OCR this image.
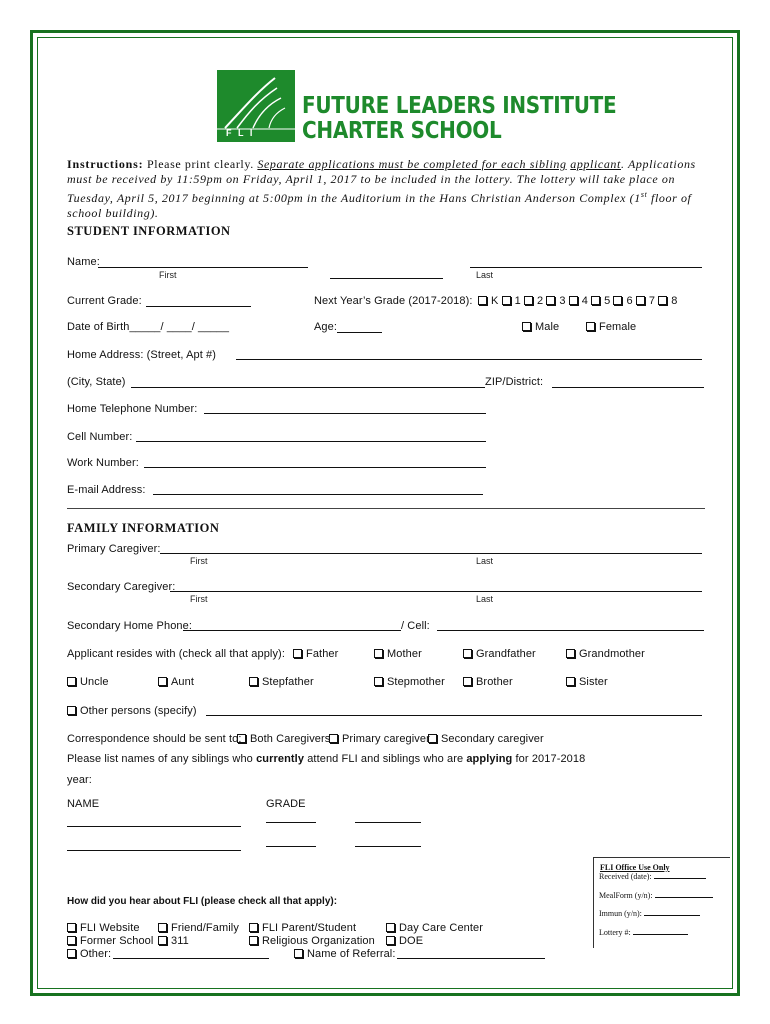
F L I
FUTURE LEADERS INSTITUTE
CHARTER SCHOOL
Instructions: Please print clearly. Separate applications must be completed for each sibling applicant. Applications must be received by 11:59pm on Friday, April 1, 2017 to be included in the lottery. The lottery will take place on Tuesday, April 5, 2017 beginning at 5:00pm in the Auditorium in the Hans Christian Anderson Complex (1st floor of school building).
STUDENT INFORMATION
Name:
First	Last
Current Grade:	Next Year’s Grade (2017-2018):	K 1 2 3 4 5 6 7 8
Date of Birth_____/ ____/ _____	Age:	Male	Female
Home Address: (Street, Apt #)
(City, State)	ZIP/District:
Home Telephone Number:
Cell Number:
Work Number:
E-mail Address:
FAMILY INFORMATION
Primary Caregiver:
First	Last
Secondary Caregiver:
First	Last
Secondary Home Phone:	/ Cell:
Applicant resides with (check all that apply):	Father	Mother	Grandfather	Grandmother
Uncle	Aunt	Stepfather	Stepmother	Brother	Sister
Other persons (specify)
Correspondence should be sent to: Both Caregivers	Primary caregiver	Secondary caregiver
Please list names of any siblings who currently attend FLI and siblings who are applying for 2017-2018
year:
NAME	GRADE
FLI Office Use Only
Received (date):
MealForm (y/n):
Immun (y/n):
Lottery #:
How did you hear about FLI (please check all that apply):
FLI Website	Friend/Family	FLI Parent/Student	Day Care Center
Former School	311	Religious Organization	DOE
Other:	Name of Referral:
